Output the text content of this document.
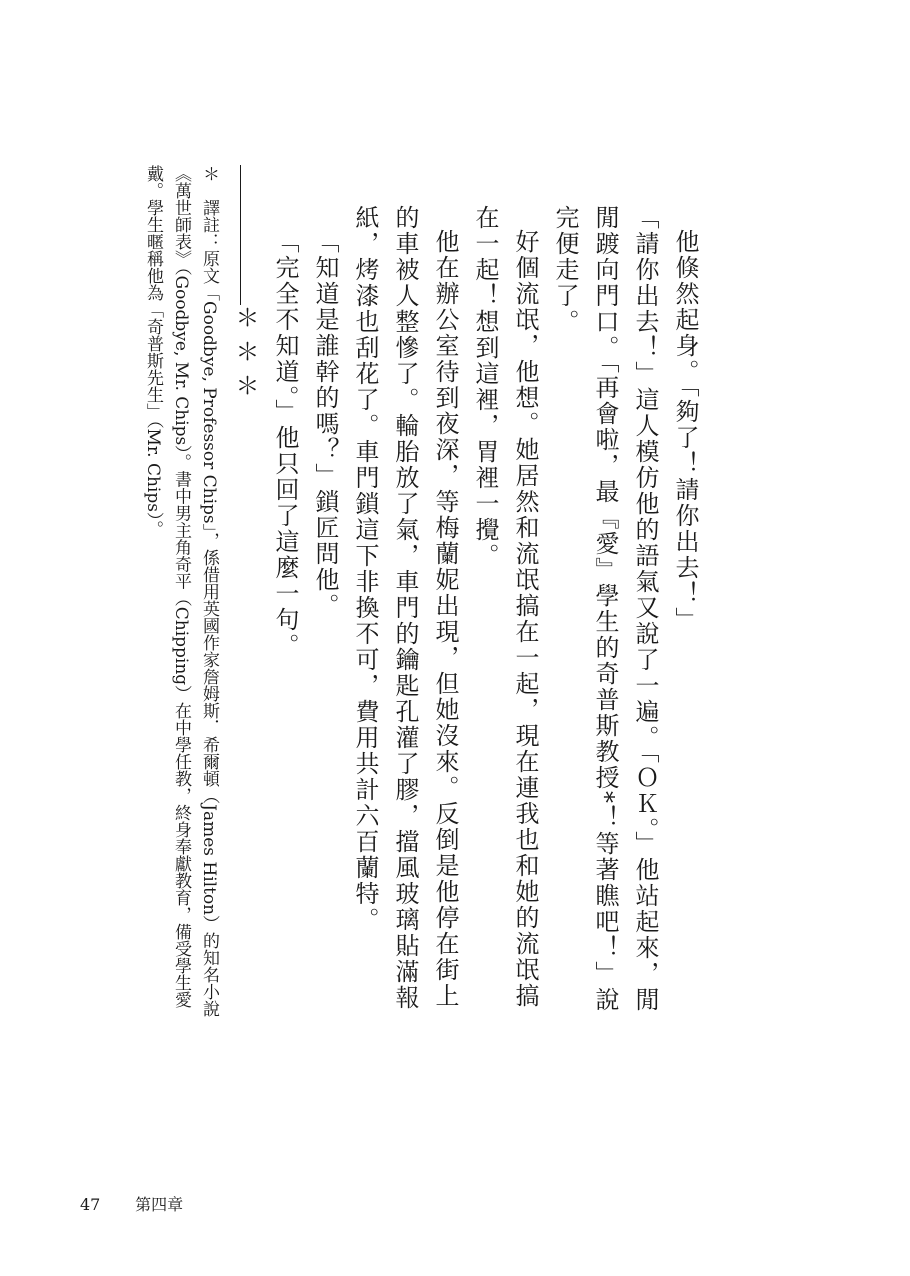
他倏然起身。「夠了！請你出去！」

「請你出去！」這人模仿他的語氣又說了一遍。「ＯＫ。」他站起來，閒閒踱向門口。「再會啦，最『愛』學生的奇普斯教授*！等著瞧吧！」說完便走了。

好個流氓，他想。她居然和流氓搞在一起，現在連我也和她的流氓搞在一起！想到這裡，胃裡一攪。

他在辦公室待到夜深，等梅蘭妮出現，但她沒來。反倒是他停在街上的車被人整慘了。輪胎放了氣，車門的鑰匙孔灌了膠，擋風玻璃貼滿報紙，烤漆也刮花了。車門鎖這下非換不可，費用共計六百蘭特。

「知道是誰幹的嗎？」鎖匠問他。

「完全不知道。」他只回了這麼一句。

＊＊＊

＊　譯註：原文「Goodbye, Professor Chips」，係借用英國作家詹姆斯．希爾頓（James Hilton）的知名小說《萬世師表》（Goodbye, Mr. Chips）。書中男主角奇平（Chipping）在中學任教，終身奉獻教育，備受學生愛戴。學生暱稱他為「奇普斯先生」（Mr. Chips）。

47 第四章
